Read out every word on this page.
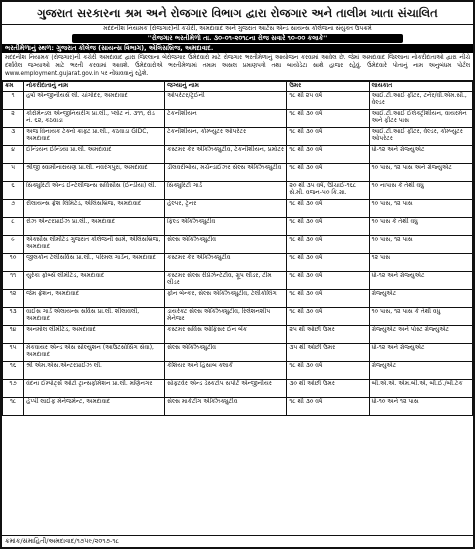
ગુજરાત સરકારના શ્રમ અને રોજગાર વિભાગ દ્વારા રોજગાર અને તાલીમ ખાતા સંચાલિત
મદદનીશ નિયામક (રોજગાર)ની કચેરી, અમદાવાદ અને ગુજરાત આર્ટસ એન્ડ સાયન્સ કોલેજના સંયુક્ત ઉપક્રમે
''રોજગાર ભરતીમેળો તા. ૩૦-૦૧-૨૦૧૮ના રોજ સવારે ૧૦-૦૦ કલાકે''
ભરતીમેળાનું સ્થળ: ગુજરાત કોલેજ (સાયન્સ વિભાગ), એલિસબ્રિજ, અમદાવાદ.
મદદનીશ નિયામક (રોજગાર)ની કચેરી અમદાવાદ દ્વારા જિલ્લાના બેરોજગાર ઉમેદવારો માટે રોજગાર ભરતીમેળાનું આયોજન કરવામાં આવેલ છે. જેમાં અમદાવાદ જિલ્લાના નોકરીદાતાઓ દ્વારા નીચે દર્શાવેલ જગ્યાઓ માટે ભરતી કરવામાં આવશે. ઉમેદવારોએ ભરતીમેળામાં તમામ અસલ પ્રમાણપત્રો તથા બાયોડેટા સાથે હાજર રહેવું. ઉમેદવારે પોતાનું નામ અનુબંધમ પોર્ટલ www.employment.gujarat.gov.in પર નોંધાવવાનું રહેશે.
ક્રમ	નોકરીદાતાનું નામ	જગ્યાનું નામ	ઉંમર	લાયકાત
૧	હર્ષા એન્જીનીયર્સ લી. ચાંગોદર, અમદાવાદ	ઓપરેટર/ટ્રેઈની	૧૮ થી ૨૫ વર્ષ	આઈ.ટી.આઈ ફીટર, ટર્નર/વી.એમ.સી., વેલ્ડર
૨	કોરોમેન્ડલ એન્જીનિયરીંગ પ્રા.લી., પ્લોટ નં. ૩૧૧, રોડ નં. ૬૨, કઠવાડા	ટેકનીશીયન	૧૮ થી ૩૦ વર્ષ	આઈ.ટી.આઈ ઈલેક્ટ્રીશીયન, વાયરમેન અને ફીટર પાસ
૩	અજ વિનાયક ટેક્નો ક્રાફ્ટ પ્રા.લી., કઠવાડા GIDC, અમદાવાદ	ટેકનીશીયન, કોમ્પ્યુટર ઓપરેટર	૧૮ થી ૩૦ વર્ષ	આઈ.ટી.આઈ ફીટર, વેલ્ડર, કોમ્પ્યુટર ઓપરેટર
૪	ઈન્ડિયન ઈન્ડિયા પ્રા.લી. અમદાવાદ	કસ્ટમર કેર એક્ઝિક્યુટીવ, ટેકનીશીયન, પ્રમોટર	૧૮ થી ૩૦ વર્ષ	ધો-૧૨ અને ગ્રેજ્યુએટ
૫	શ્રીજી સ્વામીનારાયણ પ્રા.લી. નવરંગપુરા, અમદાવાદ	ડીલવરીબોય, મર્ચન્ડાઈઝર સેલ્સ એક્ઝિક્યુટીવ	૧૮ થી ૩૦ વર્ષ	૧૦ પાસ, ૧૨ પાસ અને ગ્રેજ્યુએટ
૬	સિક્યુરિટી એન્ડ ઈન્ટેલીજન્સ સર્વિસીસ (ઈન્ડીયા) લી.	સિક્યુરિટી ગાર્ડ	૨૦ થી ૩૫ વર્ષ, ઊંચાઈ-૧૬૮ સે.મી. વજન-૫૦ કિ.ગ્રા.	૧૦ નાપાસ કે તેથી વધુ
૭	રીલાયન્સ ફ્રેશ લિમિટેડ, એલિસબ્રિજ, અમદાવાદ	હેલ્પર, ટ્રેનર	૧૮ થી ૩૦ વર્ષ	૧૦ પાસ, ૧૨ પાસ
૮	રોઝ એન્ટરપ્રાઈઝ પ્રા.લી., અમદાવાદ	ફિલ્ડ એક્ઝિક્યુટીવ	૧૮ થી ૩૦ વર્ષ	૧૦ પાસ કે તેથી વધુ
૯	એક્સીસ લીમીટેડ ગુજરાત કોલેજની સામે, એલિસબ્રિજ, અમદાવાદ	સેલ્સ એક્ઝિક્યુટીવ	૧૮ થી ૩૦ વર્ષ	૧૦ પાસ, ૧૨ પાસ
૧૦	જીલકોન ટેલીસર્વિસ પ્રા.લી., પરિમલ ગાર્ડન, અમદાવાદ	કસ્ટમર કેર એક્ઝિક્યુટીવ	૧૮ થી ૩૦ વર્ષ	૧૨ પાસ
૧૧	યુરેકા ફોર્બ્સ લીમીટેડ, અમદાવાદ	કસ્ટમર સેલ્સ રીપ્રેઝેન્ટેટીવ, ગ્રૂપ લીડર, ટીમ લીડર	૧૮ થી ૩૦ વર્ષ	ધો-૧૨ અને ગ્રેજ્યુએટ
૧૨	જેમ ફ્રેશન, અમદાવાદ	ફોન બેન્કર, સેલ્સ એક્ઝિક્યુટીવ, ટેલીકોલિંગ	૧૮ થી ૩૦ વર્ષ	ગ્રેજ્યુએટ
૧૩	વાઈસ ગાર્ડ એલાયન્સ સર્વિસ પ્રા.લી. શીલાવલી, અમદાવાદ	ડાયરેક્ટ સેલ્સ એક્ઝિક્યુટીવ, રિલેશનશીપ મેનેજર	૧૮ થી ૩૦ વર્ષ	૧૦ પાસ, ૧૨ પાસ કે તેથી વધુ
૧૪	અનમોલ લીમીટેડ, અમદાવાદ	કસ્ટમર સર્વિસ ઓફિસર ઈન બેંક	૨૫ થી ઓછી ઉંમર	ગ્રેજ્યુએટ અને પોસ્ટ ગ્રેજ્યુએટ
૧૫	મેકવાયર એન્ડ એસ સોલ્યુશન (આઉટસોર્સિંગ સેવા), અમદાવાદ	સેલ્સ એક્ઝિક્યુટીવ	૩૫ થી ઓછી ઉંમર	ધો-૧૨ અને ગ્રેજ્યુએટ
૧૬	શ્રી એમ.એસ.એન્ટરપ્રાઈઝ લી.	કેશિયર અને હિસાબ ક્લાર્ક	૧૮ થી ૩૦ વર્ષ	ગ્રેજ્યુએટ
૧૭	વંદના ઈમ્પોર્ટ્સ ઓટો ટ્રાન્સફોર્મેશન પ્રા.લી. મણિનગર	સોફ્ટવેર એન્ડ ડેસ્કટોપ સપોર્ટ એન્જીનીયર	૩૦ થી ઓછી ઉંમર	બી.એ.એ. એમ.બી.એ, બી.ઈ./બી.ટેક
૧૮	હેપ્પી લાઈફ મેનેજમેન્ટ, અમદાવાદ	સેલ્સ માર્કેટીંગ એક્ઝિક્યુટીવ	૧૮ થી ૩૦ વર્ષ	ધો-૧૦ અને ૧૨ પાસ
ક્રમાંક/સંમાહિતી/અમદાવાદ/૧૭૫૯/૨૦૧૭-૧૮
